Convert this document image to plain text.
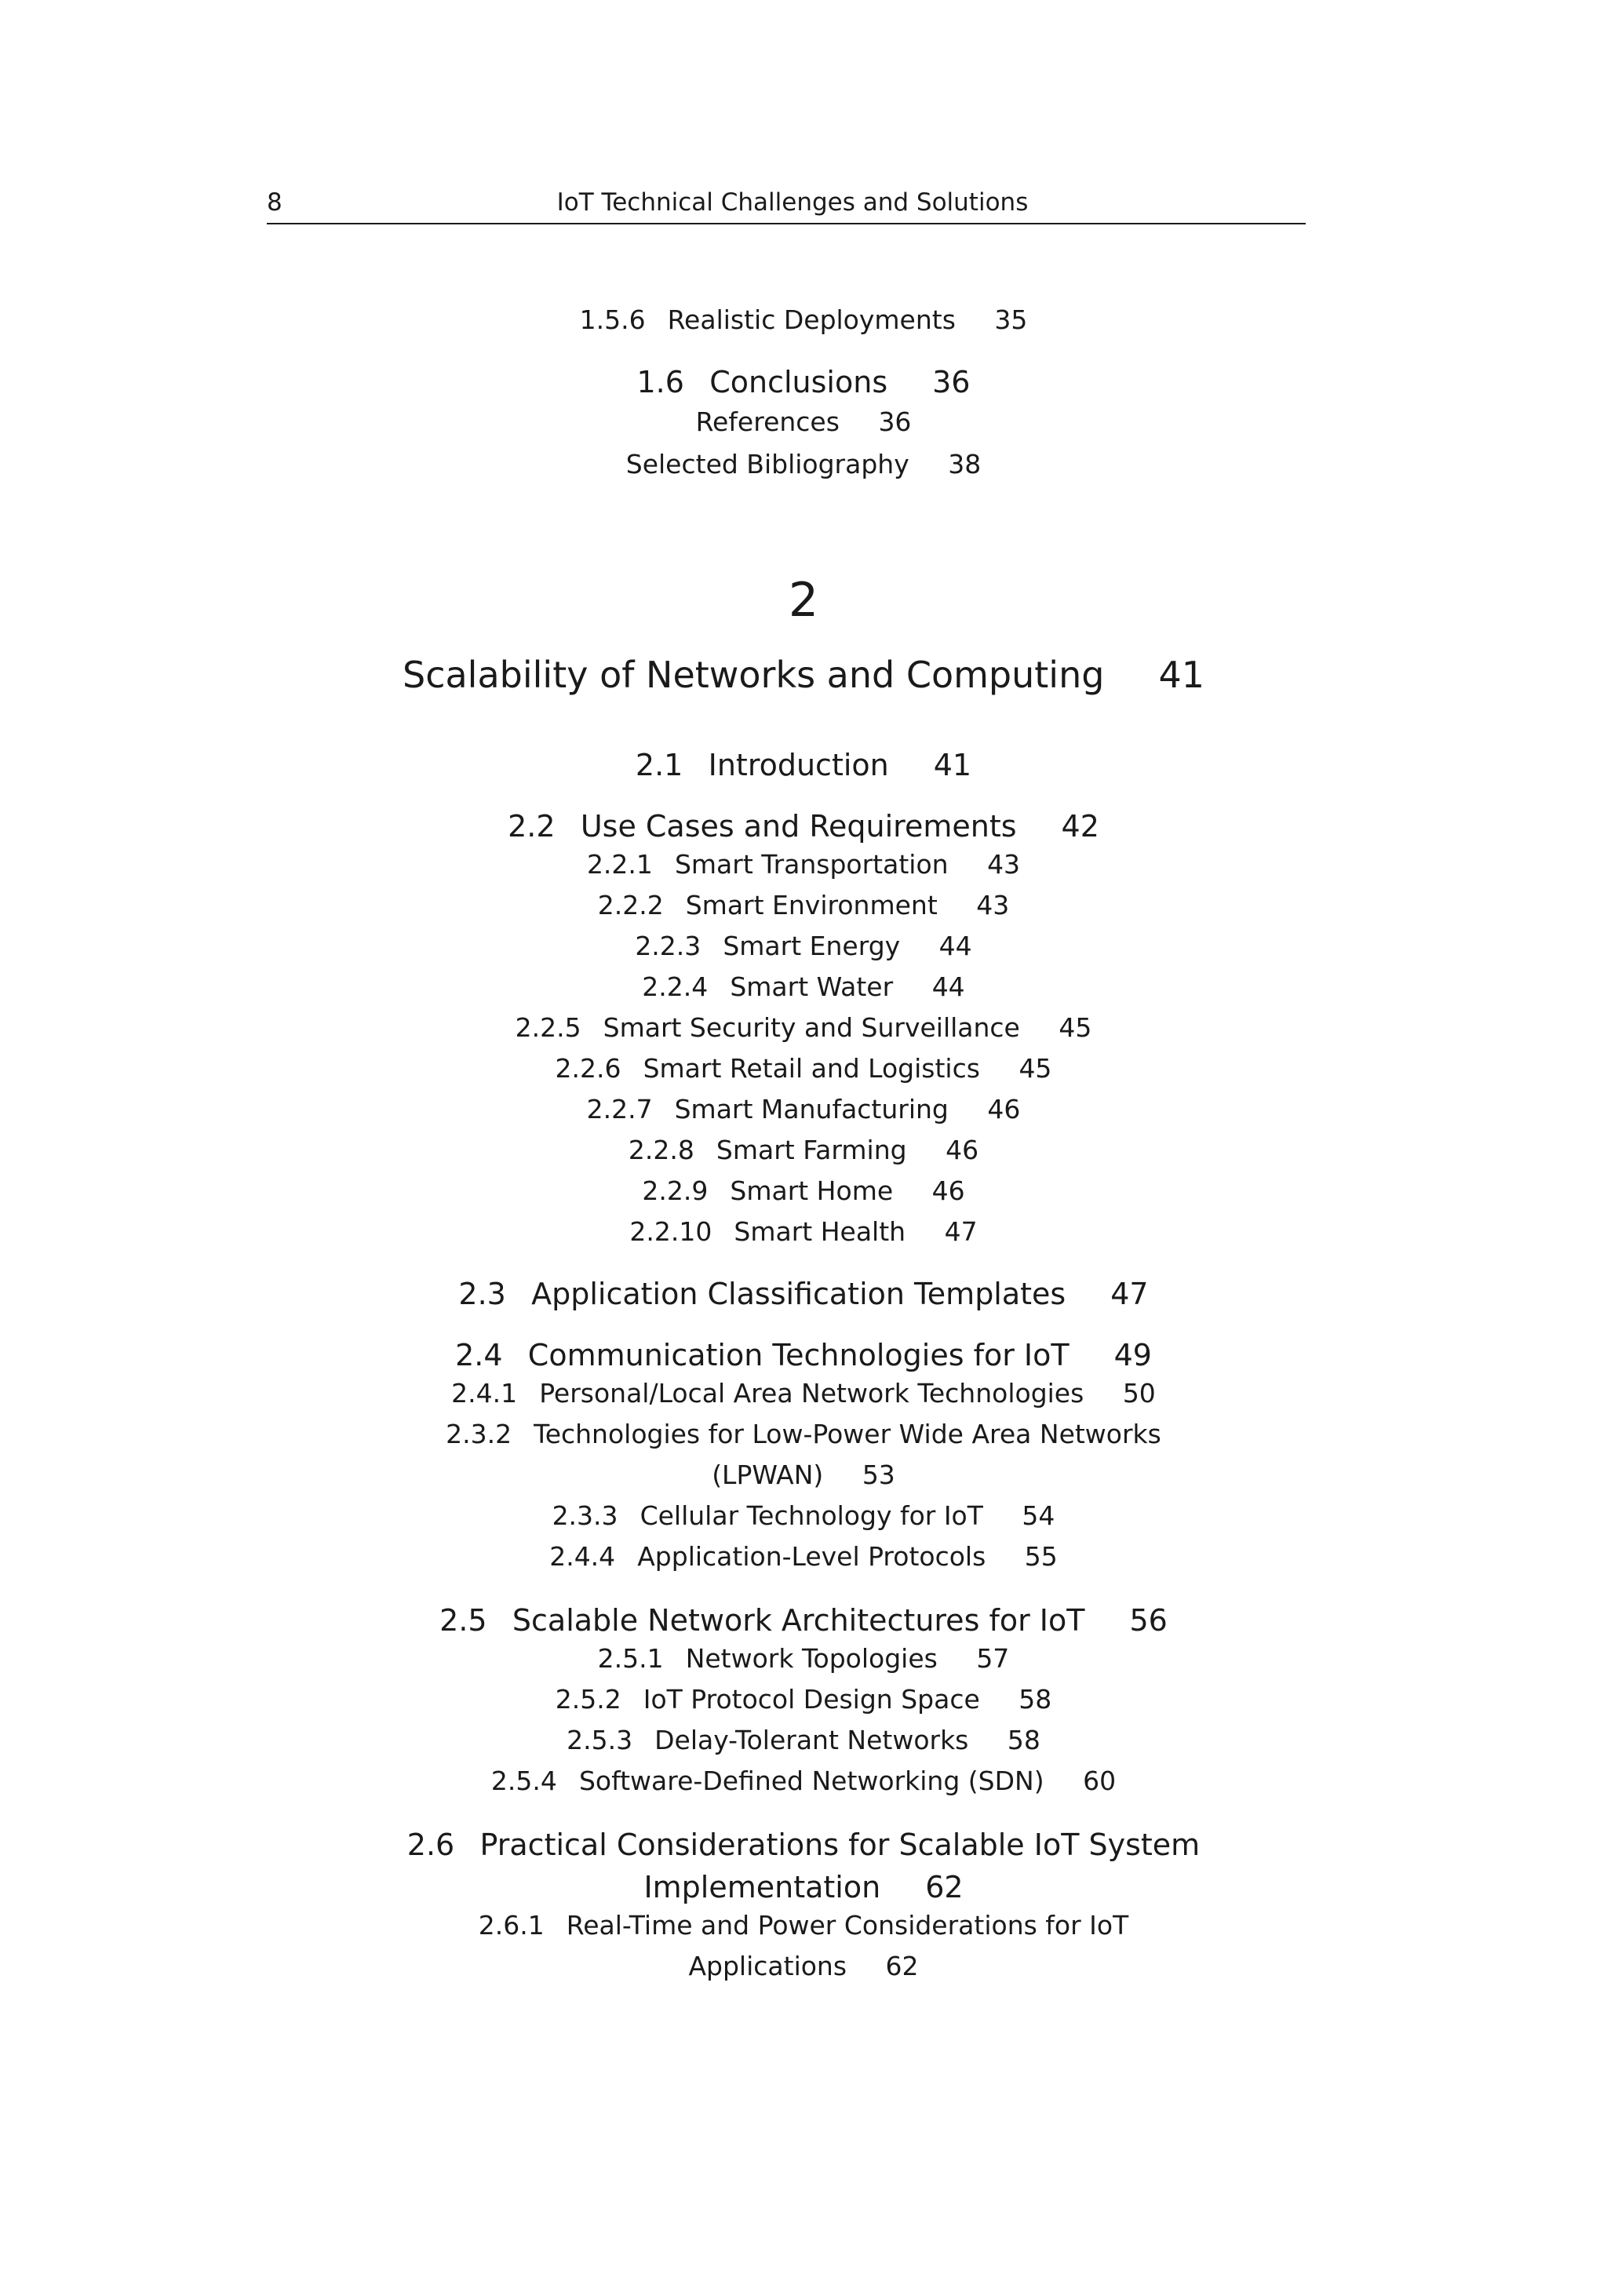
8	IoT Technical Challenges and Solutions
1.5.6 Realistic Deployments 35
1.6 Conclusions 36
References 36
Selected Bibliography 38
2
Scalability of Networks and Computing 41
2.1 Introduction 41
2.2 Use Cases and Requirements 42
2.2.1 Smart Transportation 43
2.2.2 Smart Environment 43
2.2.3 Smart Energy 44
2.2.4 Smart Water 44
2.2.5 Smart Security and Surveillance 45
2.2.6 Smart Retail and Logistics 45
2.2.7 Smart Manufacturing 46
2.2.8 Smart Farming 46
2.2.9 Smart Home 46
2.2.10 Smart Health 47
2.3 Application Classification Templates 47
2.4 Communication Technologies for IoT 49
2.4.1 Personal/Local Area Network Technologies 50
2.3.2 Technologies for Low-Power Wide Area Networks
(LPWAN) 53
2.3.3 Cellular Technology for IoT 54
2.4.4 Application-Level Protocols 55
2.5 Scalable Network Architectures for IoT 56
2.5.1 Network Topologies 57
2.5.2 IoT Protocol Design Space 58
2.5.3 Delay-Tolerant Networks 58
2.5.4 Software-Defined Networking (SDN) 60
2.6 Practical Considerations for Scalable IoT System
Implementation 62
2.6.1 Real-Time and Power Considerations for IoT
Applications 62
